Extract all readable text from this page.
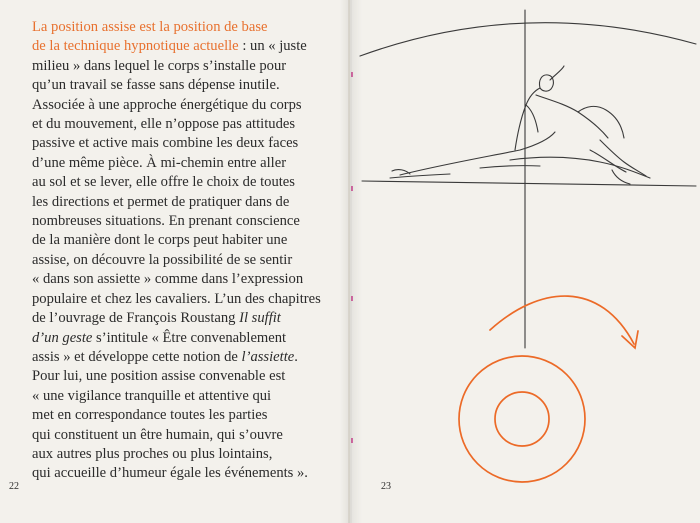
La position assise est la position de base
de la technique hypnotique actuelle : un « juste
milieu » dans lequel le corps s’installe pour
qu’un travail se fasse sans dépense inutile.
Associée à une approche énergétique du corps
et du mouvement, elle n’oppose pas attitudes
passive et active mais combine les deux faces
d’une même pièce. À mi-chemin entre aller
au sol et se lever, elle offre le choix de toutes
les directions et permet de pratiquer dans de
nombreuses situations. En prenant conscience
de la manière dont le corps peut habiter une
assise, on découvre la possibilité de se sentir
« dans son assiette » comme dans l’expression
populaire et chez les cavaliers. L’un des chapitres
de l’ouvrage de François Roustang Il suffit
d’un geste s’intitule « Être convenablement
assis » et développe cette notion de l’assiette.
Pour lui, une position assise convenable est
« une vigilance tranquille et attentive qui
met en correspondance toutes les parties
qui constituent un être humain, qui s’ouvre
aux autres plus proches ou plus lointains,
qui accueille d’humeur égale les événements ».
22	23
